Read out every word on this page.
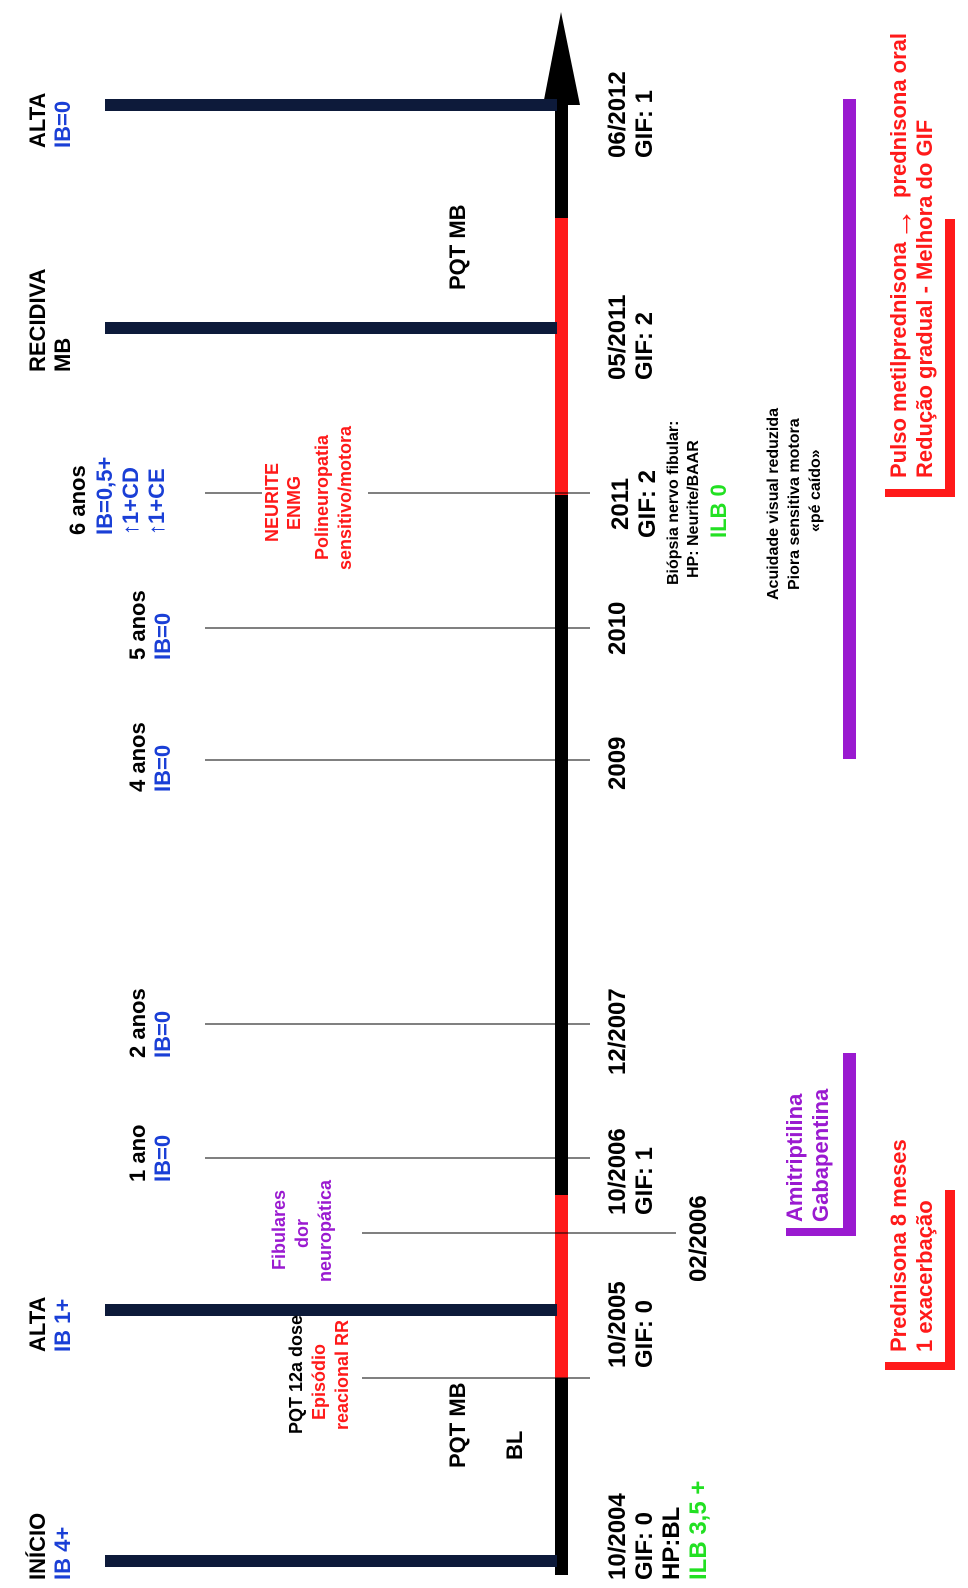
INÍCIO IB 4+
ALTA IB 1+
1 ano IB=0
2 anos IB=0
4 anos IB=0
5 anos IB=0
6 anos IB=0,5+ ↑1+CD ↑1+CE
RECIDIVA MB
ALTA IB=0
PQT MB BL
PQT MB
PQT 12a dose Episódio reacional RR
Fibulares dor neuropática
NEURITE ENMG Polineuropatia sensitivo/motora
10/2004 GIF: 0 HP:BL ILB 3,5 +
10/2005 GIF: 0
02/2006
10/2006 GIF: 1
12/2007
2009
2010
2011 GIF: 2 Biópsia nervo fibular: HP: Neurite/BAAR ILB 0
05/2011 GIF: 2
06/2012 GIF: 1
Acuidade visual reduzida Piora sensitiva motora «pé caído»
Amitriptilina Gabapentina Prednisona 8 meses 1 exacerbação
Pulso metilprednisona
→
prednisona oral
Redução gradual - Melhora do GIF
